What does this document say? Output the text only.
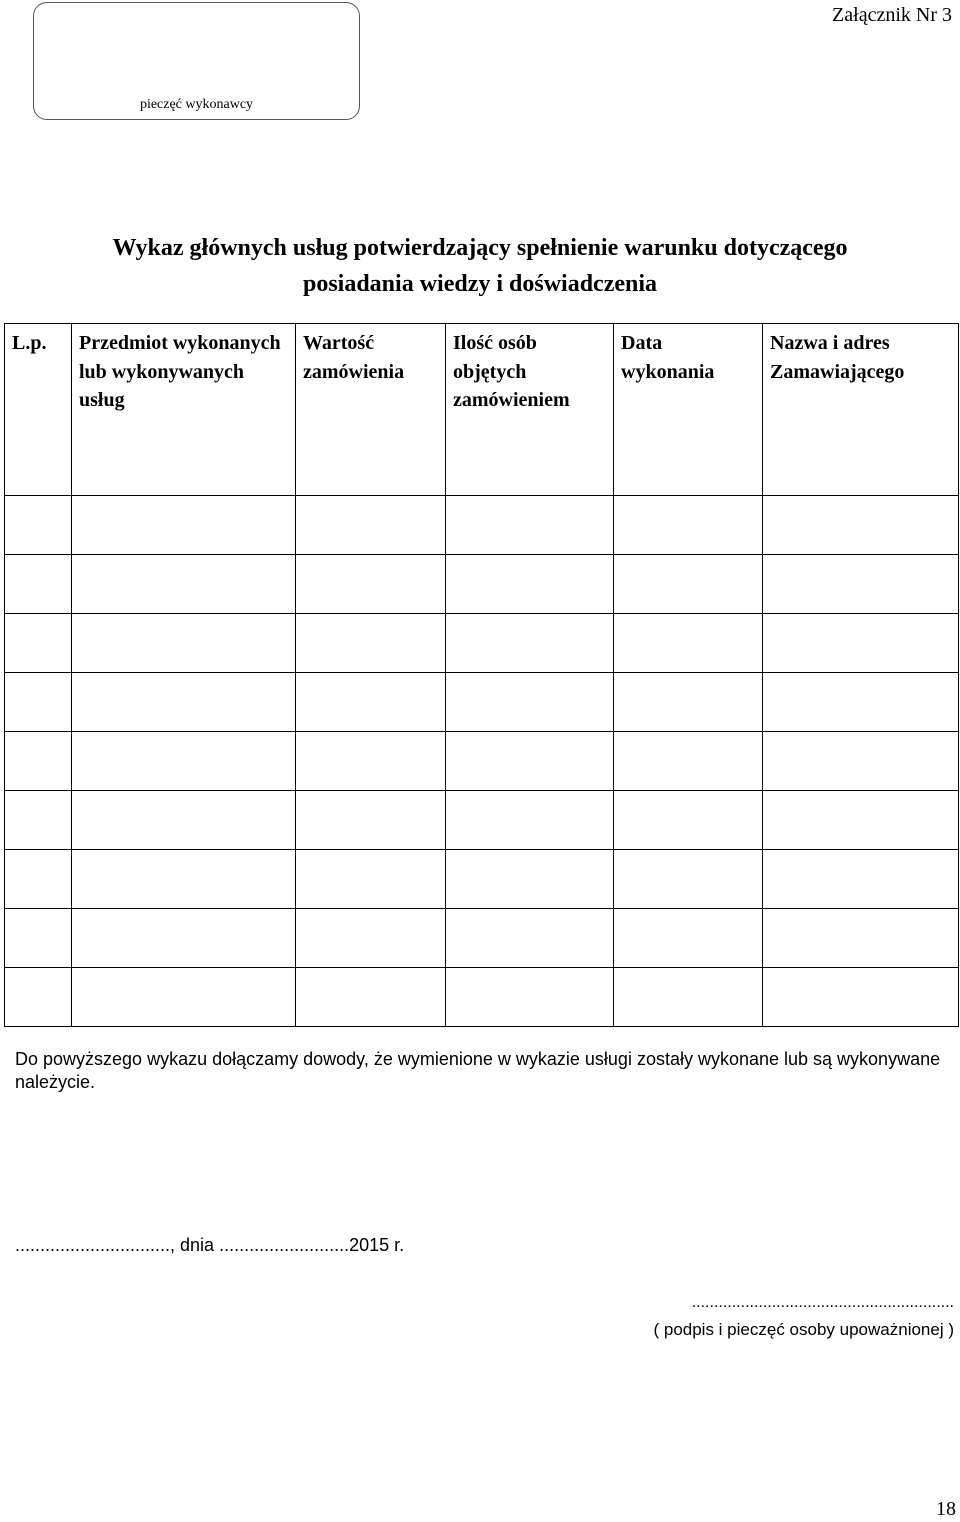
pieczęć wykonawcy
Załącznik Nr 3
Wykaz głównych usług potwierdzający spełnienie warunku dotyczącego
posiadania wiedzy i doświadczenia
L.p.	Przedmiot wykonanych lub wykonywanych usług	Wartość zamówienia	Ilość osób objętych zamówieniem	Data wykonania	Nazwa i adres Zamawiającego

Do powyższego wykazu dołączamy dowody, że wymienione w wykazie usługi zostały wykonane lub są wykonywane należycie.
..............................., dnia ..........................2015 r.
...........................................................
( podpis i pieczęć osoby upoważnionej )
18
